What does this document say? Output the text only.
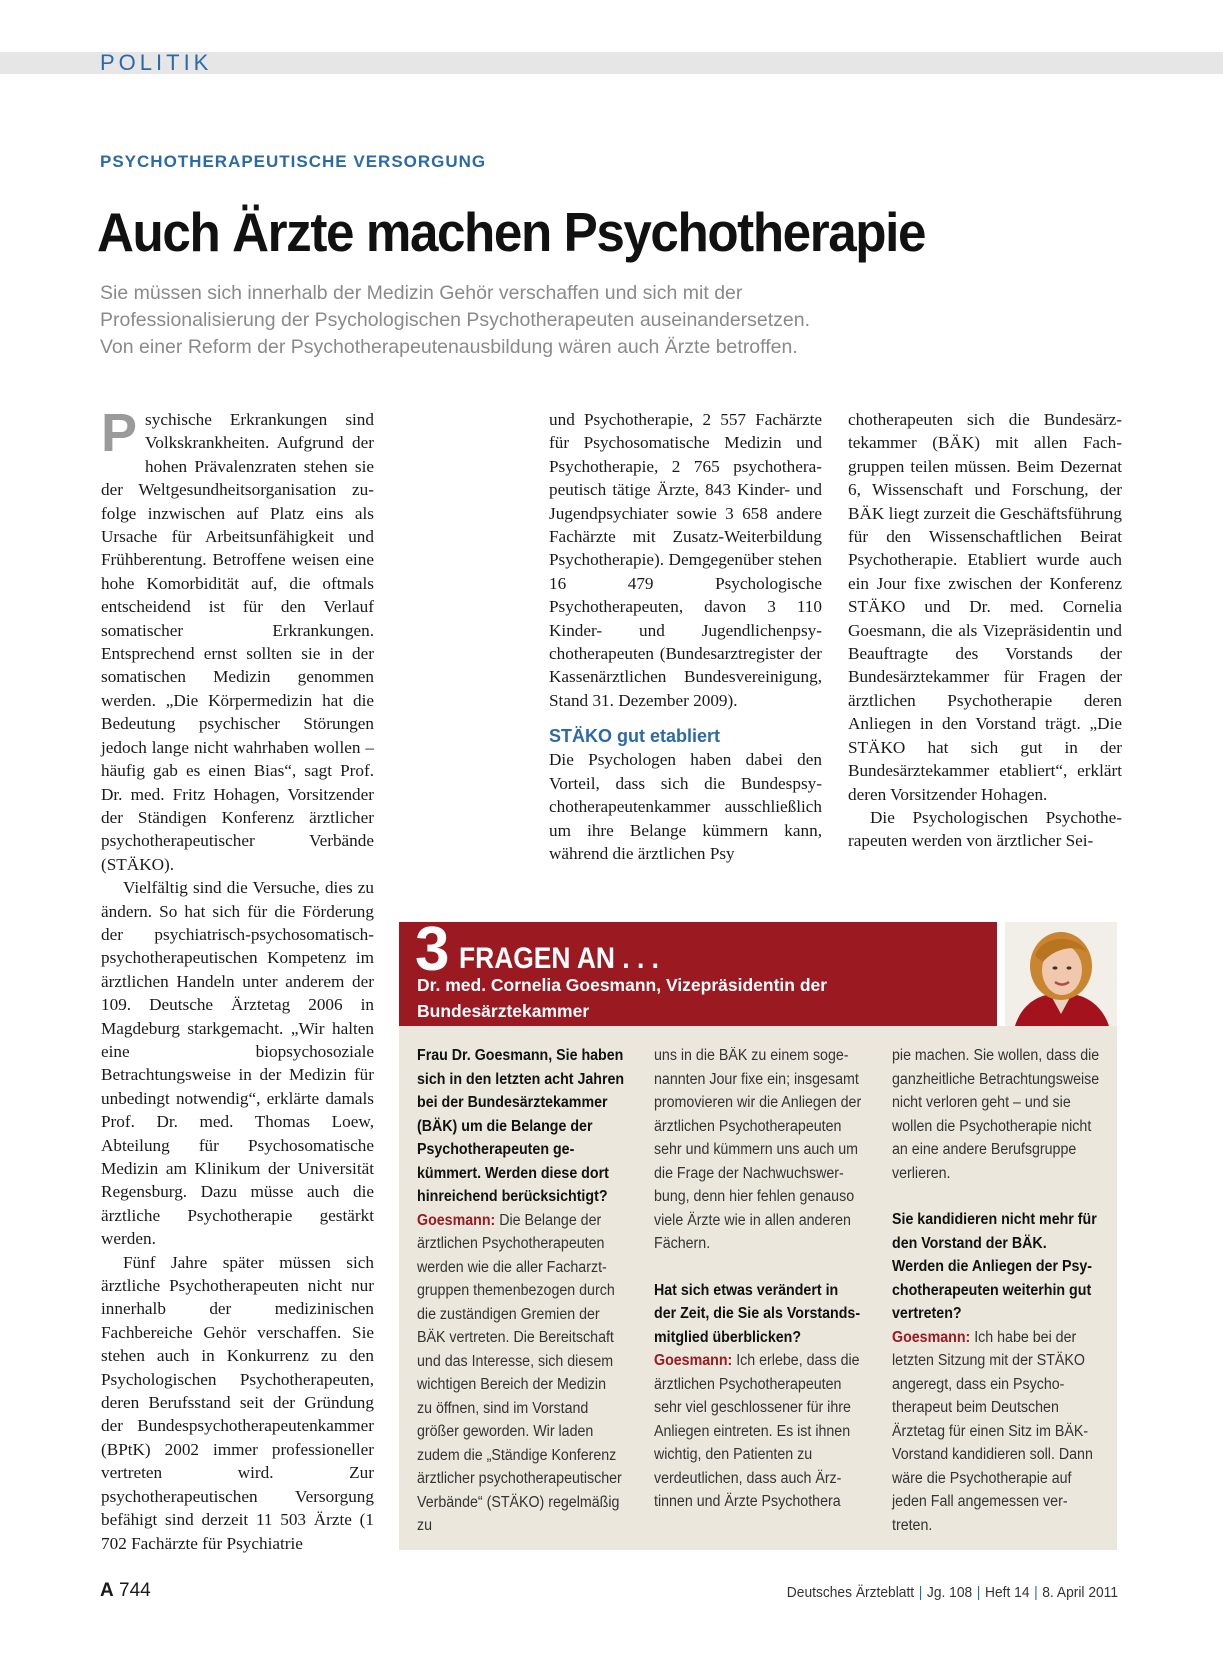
POLITIK
PSYCHOTHERAPEUTISCHE VERSORGUNG
Auch Ärzte machen Psychotherapie
Sie müssen sich innerhalb der Medizin Gehör verschaffen und sich mit der
Professionalisierung der Psychologischen Psychotherapeuten auseinandersetzen.
Von einer Reform der Psychotherapeutenausbildung wären auch Ärzte betroffen.
P sychische Erkrankungen sind Volkskrankheiten. Aufgrund der hohen Prävalenzraten stehen sie der Weltgesundheitsorganisation zufolge inzwischen auf Platz eins als Ursache für Arbeitsunfähigkeit und Frühberentung. Betroffene weisen eine hohe Komorbidität auf, die oftmals entscheidend ist für den Verlauf somatischer Erkrankungen. Entsprechend ernst sollten sie in der somatischen Medizin genommen werden. „Die Körpermedizin hat die Bedeutung psychischer Störungen jedoch lange nicht wahrhaben wollen – häufig gab es einen Bias“, sagt Prof. Dr. med. Fritz Hohagen, Vorsitzender der Ständigen Konferenz ärztlicher psychotherapeutischer Verbände (STÄKO).

Vielfältig sind die Versuche, dies zu ändern. So hat sich für die Förderung der psychiatrisch-psychosomatisch-psychotherapeutischen Kompetenz im ärztlichen Handeln unter anderem der 109. Deutsche Ärztetag 2006 in Magdeburg starkgemacht. „Wir halten eine biopsychosoziale Betrachtungsweise in der Medizin für unbedingt notwendig“, erklärte damals Prof. Dr. med. Thomas Loew, Abteilung für Psychosomatische Medizin am Klinikum der Universität Regensburg. Dazu müsse auch die ärztliche Psychotherapie gestärkt werden.

Fünf Jahre später müssen sich ärztliche Psychotherapeuten nicht nur innerhalb der medizinischen Fachbereiche Gehör verschaffen. Sie stehen auch in Konkurrenz zu den Psychologischen Psychotherapeuten, deren Berufsstand seit der Gründung der Bundespsychotherapeutenkammer (BPtK) 2002 immer professioneller vertreten wird. Zur psychotherapeutischen Versorgung befähigt sind derzeit 11 503 Ärzte (1 702 Fachärzte für Psychiatrie

und Psychotherapie, 2 557 Fachärzte für Psychosomatische Medizin und Psychotherapie, 2 765 psychotherapeutisch tätige Ärzte, 843 Kinder- und Jugendpsychiater sowie 3 658 andere Fachärzte mit Zusatz-Weiterbildung Psychotherapie). Demgegenüber stehen 16 479 Psychologische Psychotherapeuten, davon 3 110 Kinder- und Jugendlichenpsychotherapeuten (Bundesarztregister der Kassenärztlichen Bundesvereinigung, Stand 31. Dezember 2009).

STÄKO gut etabliert

Die Psychologen haben dabei den Vorteil, dass sich die Bundespsychotherapeutenkammer ausschließlich um ihre Belange kümmern kann, während die ärztlichen Psy

chotherapeuten sich die Bundesärztekammer (BÄK) mit allen Fachgruppen teilen müssen. Beim Dezernat 6, Wissenschaft und Forschung, der BÄK liegt zurzeit die Geschäftsführung für den Wissenschaftlichen Beirat Psychotherapie. Etabliert wurde auch ein Jour fixe zwischen der Konferenz STÄKO und Dr. med. Cornelia Goesmann, die als Vizepräsidentin und Beauftragte des Vorstands der Bundesärztekammer für Fragen der ärztlichen Psychotherapie deren Anliegen in den Vorstand trägt. „Die STÄKO hat sich gut in der Bundesärztekammer etabliert“, erklärt deren Vorsitzender Hohagen.

Die Psychologischen Psychotherapeuten werden von ärztlicher Sei-

3 FRAGEN AN . . .
Dr. med. Cornelia Goesmann, Vizepräsidentin der Bundesärztekammer

Frau Dr. Goesmann, Sie haben sich in den letzten acht Jahren bei der Bundesärztekammer (BÄK) um die Belange der Psychotherapeuten gekümmert. Werden diese dort hinreichend berücksichtigt?

Goesmann: Die Belange der ärztlichen Psychotherapeuten werden wie die aller Facharztgruppen themenbezogen durch die zuständigen Gremien der BÄK vertreten. Die Bereitschaft und das Interesse, sich diesem wichtigen Bereich der Medizin zu öffnen, sind im Vorstand größer geworden. Wir laden zudem die „Ständige Konferenz ärztlicher psychotherapeutischer Verbände“ (STÄKO) regelmäßig zu

uns in die BÄK zu einem sogenannten Jour fixe ein; insgesamt promovieren wir die Anliegen der ärztlichen Psychotherapeuten sehr und kümmern uns auch um die Frage der Nachwuchswerbung, denn hier fehlen genauso viele Ärzte wie in allen anderen Fächern.

Hat sich etwas verändert in der Zeit, die Sie als Vorstandsmitglied überblicken?

Goesmann: Ich erlebe, dass die ärztlichen Psychotherapeuten sehr viel geschlossener für ihre Anliegen eintreten. Es ist ihnen wichtig, den Patienten zu verdeutlichen, dass auch Ärztinnen und Ärzte Psychothera

pie machen. Sie wollen, dass die ganzheitliche Betrachtungsweise nicht verloren geht – und sie wollen die Psychotherapie nicht an eine andere Berufsgruppe verlieren.

Sie kandidieren nicht mehr für den Vorstand der BÄK. Werden die Anliegen der Psychotherapeuten weiterhin gut vertreten?

Goesmann: Ich habe bei der letzten Sitzung mit der STÄKO angeregt, dass ein Psychotherapeut beim Deutschen Ärztetag für einen Sitz im BÄK-Vorstand kandidieren soll. Dann wäre die Psychotherapie auf jeden Fall angemessen vertreten.

A 744	Deutsches Ärzteblatt | Jg. 108 | Heft 14 | 8. April 2011
